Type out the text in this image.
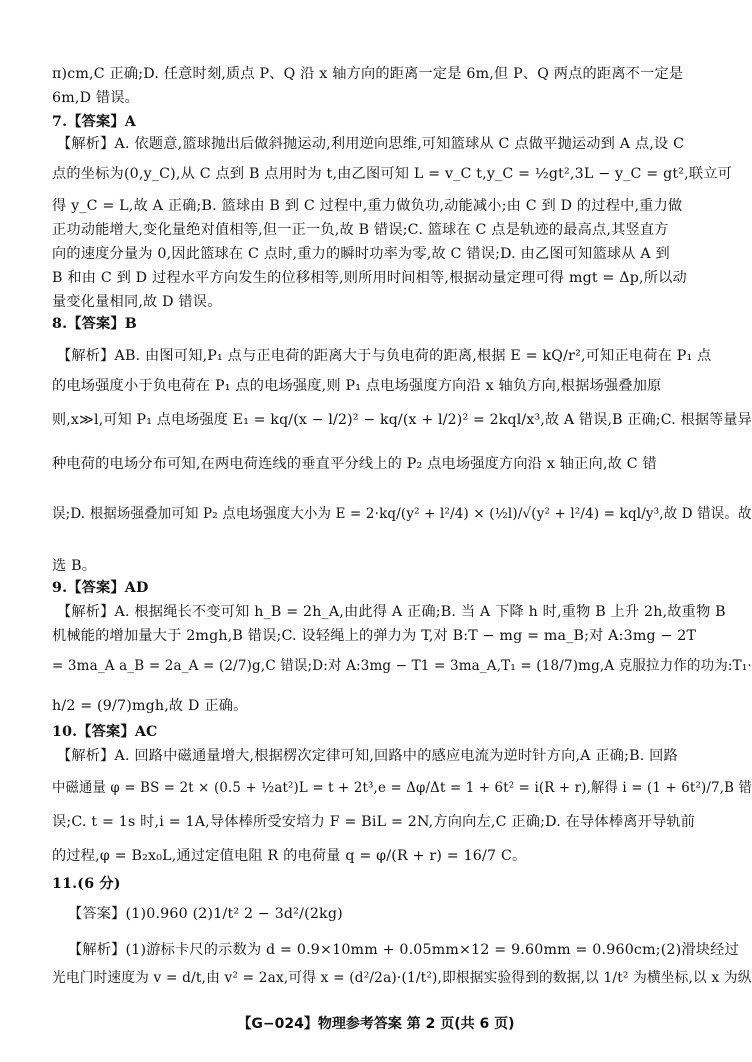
π)cm,C 正确;D. 任意时刻,质点 P、Q 沿 x 轴方向的距离一定是 6m,但 P、Q 两点的距离不一定是
6m,D 错误。
7.【答案】A
【解析】A. 依题意,篮球抛出后做斜抛运动,利用逆向思维,可知篮球从 C 点做平抛运动到 A 点,设 C
点的坐标为(0,y_C),从 C 点到 B 点用时为 t,由乙图可知 L = v_C t,y_C = ½gt²,3L − y_C = gt²,联立可
得 y_C = L,故 A 正确;B. 篮球由 B 到 C 过程中,重力做负功,动能减小;由 C 到 D 的过程中,重力做
正功动能增大,变化量绝对值相等,但一正一负,故 B 错误;C. 篮球在 C 点是轨迹的最高点,其竖直方
向的速度分量为 0,因此篮球在 C 点时,重力的瞬时功率为零,故 C 错误;D. 由乙图可知篮球从 A 到
B 和由 C 到 D 过程水平方向发生的位移相等,则所用时间相等,根据动量定理可得 mgt = Δp,所以动
量变化量相同,故 D 错误。
8.【答案】B
【解析】AB. 由图可知,P₁ 点与正电荷的距离大于与负电荷的距离,根据 E = kQ/r²,可知正电荷在 P₁ 点
的电场强度小于负电荷在 P₁ 点的电场强度,则 P₁ 点电场强度方向沿 x 轴负方向,根据场强叠加原
则,x≫l,可知 P₁ 点电场强度 E₁ = kq/(x − l/2)² − kq/(x + l/2)² = 2kql/x³,故 A 错误,B 正确;C. 根据等量异
种电荷的电场分布可知,在两电荷连线的垂直平分线上的 P₂ 点电场强度方向沿 x 轴正向,故 C 错
误;D. 根据场强叠加可知 P₂ 点电场强度大小为 E = 2·kq/(y² + l²/4) × (½l)/√(y² + l²/4) = kql/y³,故 D 错误。故
选 B。
9.【答案】AD
【解析】A. 根据绳长不变可知 h_B = 2h_A,由此得 A 正确;B. 当 A 下降 h 时,重物 B 上升 2h,故重物 B
机械能的增加量大于 2mgh,B 错误;C. 设轻绳上的弹力为 T,对 B:T − mg = ma_B;对 A:3mg − 2T
= 3ma_A a_B = 2a_A = (2/7)g,C 错误;D:对 A:3mg − T1 = 3ma_A,T₁ = (18/7)mg,A 克服拉力作的功为:T₁·
h/2 = (9/7)mgh,故 D 正确。
10.【答案】AC
【解析】A. 回路中磁通量增大,根据楞次定律可知,回路中的感应电流为逆时针方向,A 正确;B. 回路
中磁通量 φ = BS = 2t × (0.5 + ½at²)L = t + 2t³,e = Δφ/Δt = 1 + 6t² = i(R + r),解得 i = (1 + 6t²)/7,B 错
误;C. t = 1s 时,i = 1A,导体棒所受安培力 F = BiL = 2N,方向向左,C 正确;D. 在导体棒离开导轨前
的过程,φ = B₂x₀L,通过定值电阻 R 的电荷量 q = φ/(R + r) = 16/7 C。
11.(6 分)
【答案】(1)0.960 (2)1/t² 2 − 3d²/(2kg)
【解析】(1)游标卡尺的示数为 d = 0.9×10mm + 0.05mm×12 = 9.60mm = 0.960cm;(2)滑块经过
光电门时速度为 v = d/t,由 v² = 2ax,可得 x = (d²/2a)·(1/t²),即根据实验得到的数据,以 1/t² 为横坐标,以 x 为纵
【G−024】物理参考答案 第 2 页(共 6 页)
